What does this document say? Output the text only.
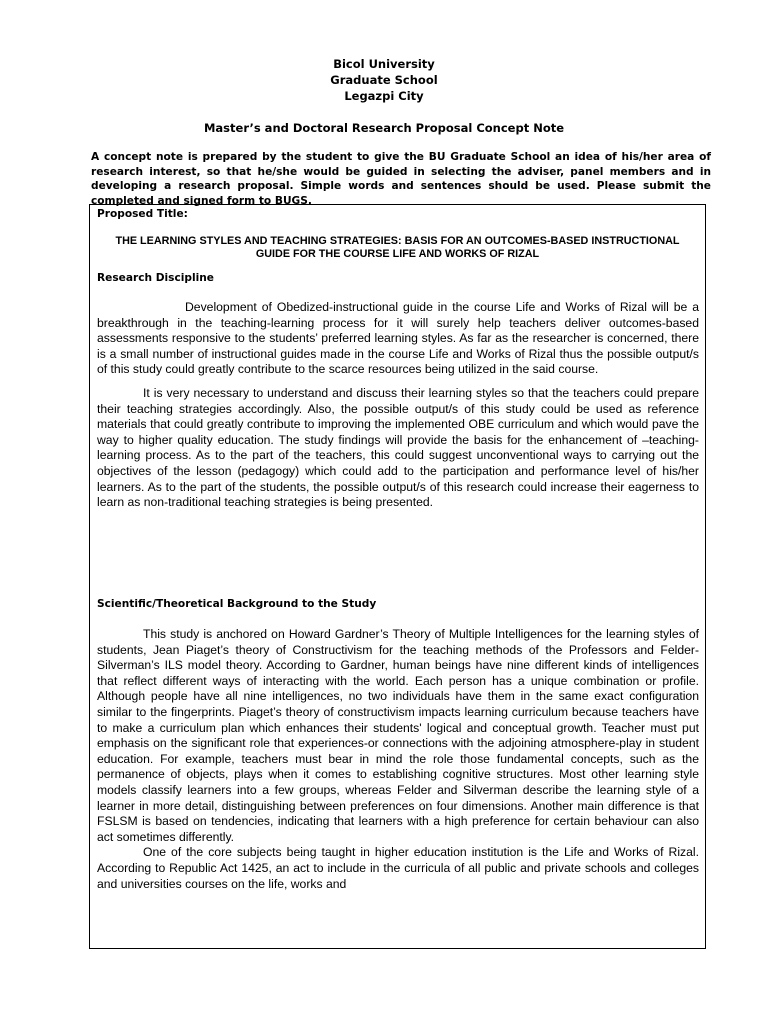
Bicol University
Graduate School
Legazpi City
Master’s and Doctoral Research Proposal Concept Note
A concept note is prepared by the student to give the BU Graduate School an idea of his/her area of research interest, so that he/she would be guided in selecting the adviser, panel members and in developing a research proposal. Simple words and sentences should be used. Please submit the completed and signed form to BUGS.
Proposed Title:
THE LEARNING STYLES AND TEACHING STRATEGIES: BASIS FOR AN OUTCOMES-BASED INSTRUCTIONAL GUIDE FOR THE COURSE LIFE AND WORKS OF RIZAL
Research Discipline

Development of Obedized-instructional guide in the course Life and Works of Rizal will be a breakthrough in the teaching-learning process for it will surely help teachers deliver outcomes-based assessments responsive to the students’ preferred learning styles. As far as the researcher is concerned, there is a small number of instructional guides made in the course Life and Works of Rizal thus the possible output/s of this study could greatly contribute to the scarce resources being utilized in the said course.

It is very necessary to understand and discuss their learning styles so that the teachers could prepare their teaching strategies accordingly. Also, the possible output/s of this study could be used as reference materials that could greatly contribute to improving the implemented OBE curriculum and which would pave the way to higher quality education. The study findings will provide the basis for the enhancement of –teaching-learning process. As to the part of the teachers, this could suggest unconventional ways to carrying out the objectives of the lesson (pedagogy) which could add to the participation and performance level of his/her learners. As to the part of the students, the possible output/s of this research could increase their eagerness to learn as non-traditional teaching strategies is being presented.

Scientific/Theoretical Background to the Study

This study is anchored on Howard Gardner’s Theory of Multiple Intelligences for the learning styles of students, Jean Piaget’s theory of Constructivism for the teaching methods of the Professors and Felder-Silverman’s ILS model theory. According to Gardner, human beings have nine different kinds of intelligences that reflect different ways of interacting with the world. Each person has a unique combination or profile. Although people have all nine intelligences, no two individuals have them in the same exact configuration similar to the fingerprints. Piaget’s theory of constructivism impacts learning curriculum because teachers have to make a curriculum plan which enhances their students' logical and conceptual growth. Teacher must put emphasis on the significant role that experiences-or connections with the adjoining atmosphere-play in student education. For example, teachers must bear in mind the role those fundamental concepts, such as the permanence of objects, plays when it comes to establishing cognitive structures. Most other learning style models classify learners into a few groups, whereas Felder and Silverman describe the learning style of a learner in more detail, distinguishing between preferences on four dimensions. Another main difference is that FSLSM is based on tendencies, indicating that learners with a high preference for certain behaviour can also act sometimes differently.

One of the core subjects being taught in higher education institution is the Life and Works of Rizal. According to Republic Act 1425, an act to include in the curricula of all public and private schools and colleges and universities courses on the life, works and
